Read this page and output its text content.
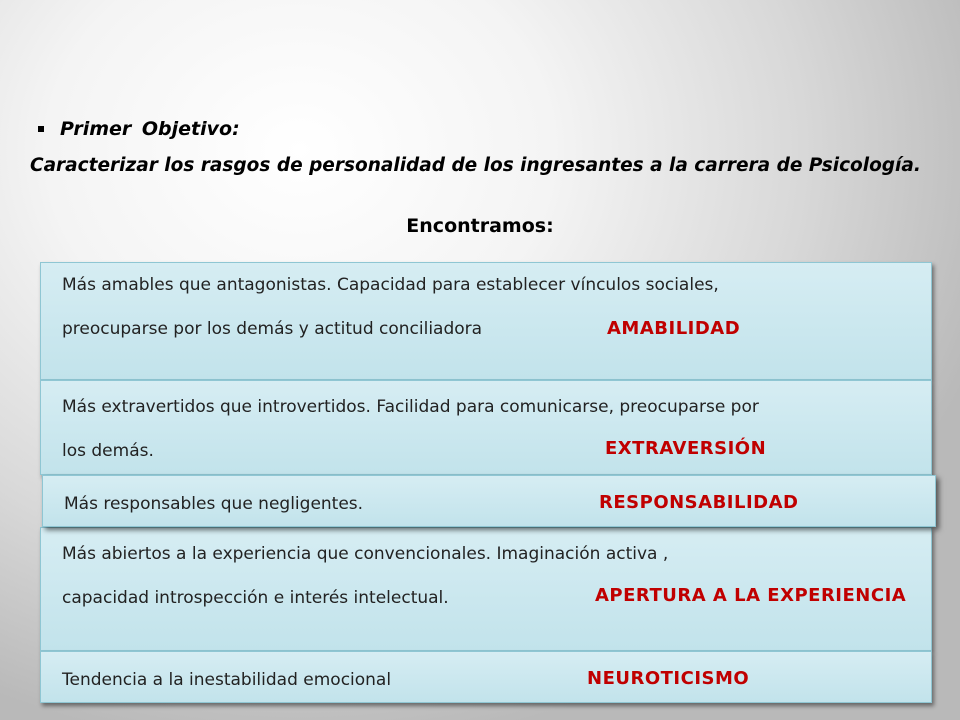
Primer Objetivo:
Caracterizar los rasgos de personalidad de los ingresantes a la carrera de Psicología.
Encontramos:
Más amables que antagonistas. Capacidad para establecer vínculos sociales,
preocuparse por los demás y actitud conciliadora	AMABILIDAD
Más extravertidos que introvertidos. Facilidad para comunicarse, preocuparse por
los demás.	EXTRAVERSIÓN
Más responsables que negligentes.	RESPONSABILIDAD
Más abiertos a la experiencia que convencionales. Imaginación activa ,
capacidad introspección e interés intelectual.	APERTURA A LA EXPERIENCIA
Tendencia a la inestabilidad emocional	NEUROTICISMO
